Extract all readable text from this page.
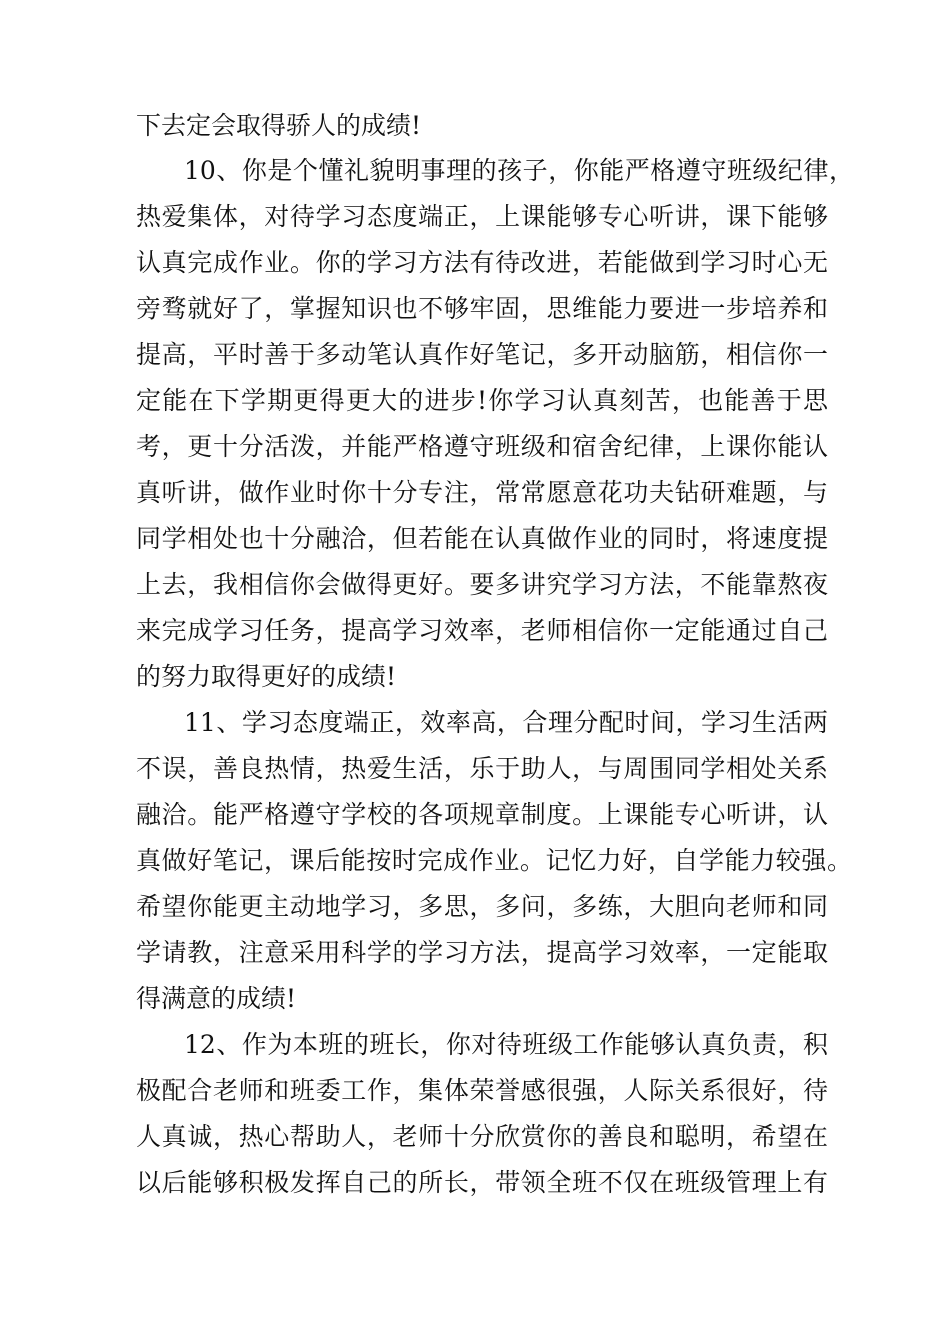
下去定会取得骄人的成绩!
10、你是个懂礼貌明事理的孩子，你能严格遵守班级纪律，
热爱集体，对待学习态度端正，上课能够专心听讲，课下能够
认真完成作业。你的学习方法有待改进，若能做到学习时心无
旁骛就好了，掌握知识也不够牢固，思维能力要进一步培养和
提高，平时善于多动笔认真作好笔记，多开动脑筋，相信你一
定能在下学期更得更大的进步!你学习认真刻苦，也能善于思
考，更十分活泼，并能严格遵守班级和宿舍纪律，上课你能认
真听讲，做作业时你十分专注，常常愿意花功夫钻研难题，与
同学相处也十分融洽，但若能在认真做作业的同时，将速度提
上去，我相信你会做得更好。要多讲究学习方法，不能靠熬夜
来完成学习任务，提高学习效率，老师相信你一定能通过自己
的努力取得更好的成绩!
11、学习态度端正，效率高，合理分配时间，学习生活两
不误，善良热情，热爱生活，乐于助人，与周围同学相处关系
融洽。能严格遵守学校的各项规章制度。上课能专心听讲，认
真做好笔记，课后能按时完成作业。记忆力好，自学能力较强。
希望你能更主动地学习，多思，多问，多练，大胆向老师和同
学请教，注意采用科学的学习方法，提高学习效率，一定能取
得满意的成绩!
12、作为本班的班长，你对待班级工作能够认真负责，积
极配合老师和班委工作，集体荣誉感很强，人际关系很好，待
人真诚，热心帮助人，老师十分欣赏你的善良和聪明，希望在
以后能够积极发挥自己的所长，带领全班不仅在班级管理上有
